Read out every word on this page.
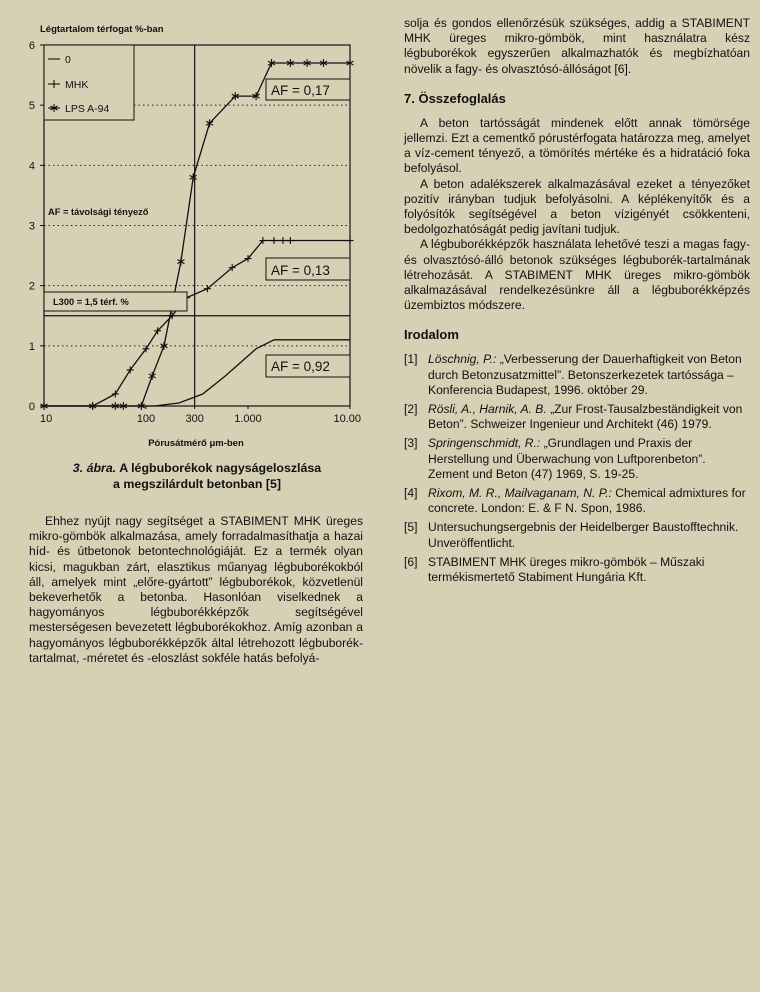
Légtartalom térfogat %-ban
Pórusátmérő μm-ben
0
1
2
3
4
5
6
10	100	300	1.000	10.00
0
MHK
LPS A-94
AF = távolsági tényező
L300 = 1,5 térf. %
AF = 0,17
AF = 0,13
AF = 0,92
3. ábra. A légbuborékok nagyságeloszlása
a megszilárdult betonban [5]

Ehhez nyújt nagy segítséget a STABIMENT MHK üreges mikro-gömbök alkalmazása, amely forradalmasíthatja a hazai híd- és útbetonok betontechnológiáját. Ez a termék olyan kicsi, magukban zárt, elasztikus műanyag légbuborékokból áll, amelyek mint „előre-gyártott” légbuborékok, közvetlenül bekeverhetők a betonba. Hasonlóan viselkednek a hagyományos légbuborékképzők segítségével mesterségesen bevezetett légbuborékokhoz. Amíg azonban a hagyományos légbuborékképzők által létrehozott légbuborék-tartalmat, -méretet és -eloszlást sokféle hatás befolyá-

solja és gondos ellenőrzésük szükséges, addig a STABIMENT MHK üreges mikro-gömbök, mint használatra kész légbuborékok egyszerűen alkalmazhatók és megbízhatóan növelik a fagy- és olvasztósó-állóságot [6].

7. Összefoglalás

A beton tartósságát mindenek előtt annak tömörsége jellemzi. Ezt a cementkő pórustérfogata határozza meg, amelyet a víz-cement tényező, a tömörítés mértéke és a hidratáció foka befolyásol.

A beton adalékszerek alkalmazásával ezeket a tényezőket pozitív irányban tudjuk befolyásolni. A képlékenyítők és a folyósítók segítségével a beton vízigényét csökkenteni, bedolgozhatóságát pedig javítani tudjuk.

A légbuborékképzők használata lehetővé teszi a magas fagy- és olvasztósó-álló betonok szükséges légbuborék-tartalmának létrehozását. A STABIMENT MHK üreges mikro-gömbök alkalmazásával rendelkezésünkre áll a légbuborékképzés üzembiztos módszere.

Irodalom
[1] Löschnig, P.: „Verbesserung der Dauerhaftigkeit von Beton durch Betonzusatzmittel”. Betonszerkezetek tartóssága – Konferencia Budapest, 1996. október 29.
[2] Rösli, A., Harnik, A. B. „Zur Frost-Tausalzbeständigkeit von Beton”. Schweizer Ingenieur und Architekt (46) 1979.
[3] Springenschmidt, R.: „Grundlagen und Praxis der Herstellung und Überwachung von Luftporenbeton”. Zement und Beton (47) 1969, S. 19-25.
[4] Rixom, M. R., Mailvaganam, N. P.: Chemical admixtures for concrete. London: E. & F N. Spon, 1986.
[5] Untersuchungsergebnis der Heidelberger Baustofftechnik. Unveröffentlicht.
[6] STABIMENT MHK üreges mikro-gömbök – Műszaki termékismertető Stabiment Hungária Kft.
